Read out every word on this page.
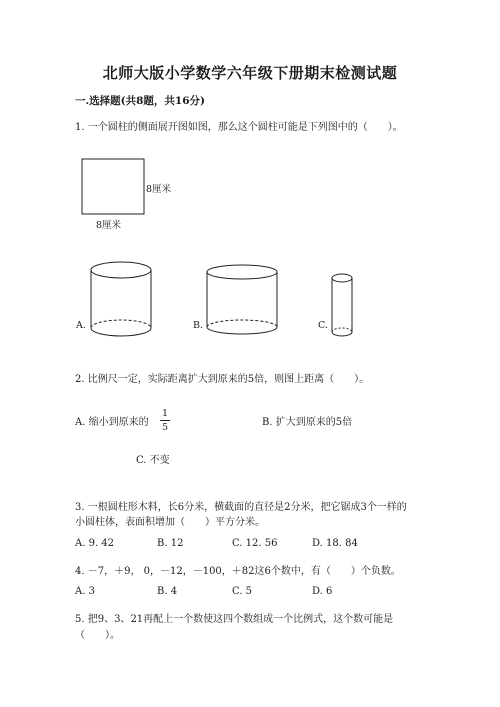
北师大版小学数学六年级下册期末检测试题
一.选择题(共8题，共16分)
1. 一个圆柱的侧面展开图如图，那么这个圆柱可能是下列图中的（　　）。
8厘米
8厘米
A.	B.	C.
2. 比例尺一定，实际距离扩大到原来的5倍，则图上距离（　　）。
A. 缩小到原来的
1
5	B. 扩大到原来的5倍
C. 不变
3. 一根圆柱形木料，长6分米，横截面的直径是2分米，把它锯成3个一样的
小圆柱体，表面积增加（　　）平方分米。
A. 9. 42	B. 12	C. 12. 56	D. 18. 84
4. －7，＋9， 0，－12，－100，＋82这6个数中，有（　　）个负数。
A. 3	B. 4	C. 5	D. 6
5. 把9、3、21再配上一个数使这四个数组成一个比例式，这个数可能是
（　　）。
